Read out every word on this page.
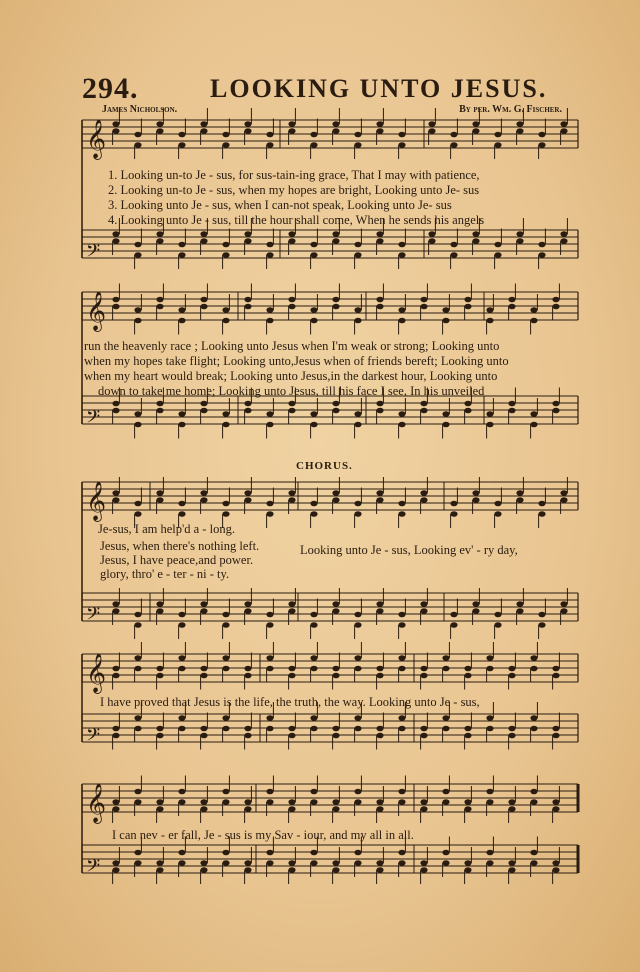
294.	LOOKING UNTO JESUS.
James Nicholson.	By per. Wm. G. Fischer.
𝄞
𝄢
𝄞
𝄢
𝄞
𝄢
𝄞
𝄢
𝄞
𝄢
1. Looking un-to Je - sus, for sus-tain-ing grace, That I may with patience,
2. Looking un-to Je - sus, when my hopes are bright, Looking unto Je- sus
3. Looking unto Je - sus, when I can-not speak, Looking unto Je- sus
4. Looking unto Je - sus, till the hour shall come, When he sends his angels
run the heavenly race ; Looking unto Jesus when I'm weak or strong; Looking unto
when my hopes take flight; Looking unto,Jesus when of friends bereft; Looking unto
when my heart would break; Looking unto Jesus,in the darkest hour, Looking unto
down to take me home; Looking unto Jesus, till his face I see, In his unveiled
CHORUS.
Je-sus, I am help'd a - long.
Jesus, when there's nothing left.
Jesus, I have peace,and power.
glory, thro' e - ter - ni - ty.
Looking unto Je - sus, Looking ev' - ry day,
I have proved that Jesus is the life, the truth, the way. Looking unto Je - sus,
I can nev - er fall, Je - sus is my Sav - iour, and my all in all.
